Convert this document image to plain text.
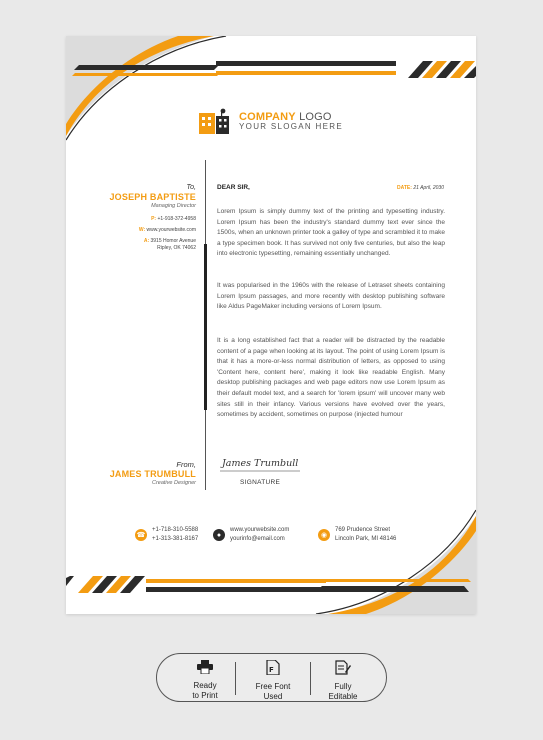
COMPANY LOGO
YOUR SLOGAN HERE
To,
JOSEPH BAPTISTE
Managing Director
P: +1-918-372-4958
W: www.yourwebsite.com
A: 3915 Homor Avenue
Ripley, OK 74062
DEAR SIR,	DATE: 21 April, 2030

Lorem Ipsum is simply dummy text of the printing and typesetting industry. Lorem Ipsum has been the industry's standard dummy text ever since the 1500s, when an unknown printer took a galley of type and scrambled it to make a type specimen book. It has survived not only five centuries, but also the leap into electronic typesetting, remaining essentially unchanged.

It was popularised in the 1960s with the release of Letraset sheets containing Lorem Ipsum passages, and more recently with desktop publishing software like Aldus PageMaker including versions of Lorem Ipsum.

It is a long established fact that a reader will be distracted by the readable content of a page when looking at its layout. The point of using Lorem Ipsum is that it has a more-or-less normal distribution of letters, as opposed to using 'Content here, content here', making it look like readable English. Many desktop publishing packages and web page editors now use Lorem Ipsum as their default model text, and a search for 'lorem ipsum' will uncover many web sites still in their infancy. Various versions have evolved over the years, sometimes by accident, sometimes on purpose (injected humour

James Trumbull
SIGNATURE
From,
JAMES TRUMBULL
Creative Designer
☎
+1-718-310-5588
+1-313-381-8167
●
www.yourwebsite.com
yourinfo@email.com	◉
769 Prudence Street
Lincoln Park, MI 48146
Ready
to Print
F
Free Font
Used
Fully
Editable
